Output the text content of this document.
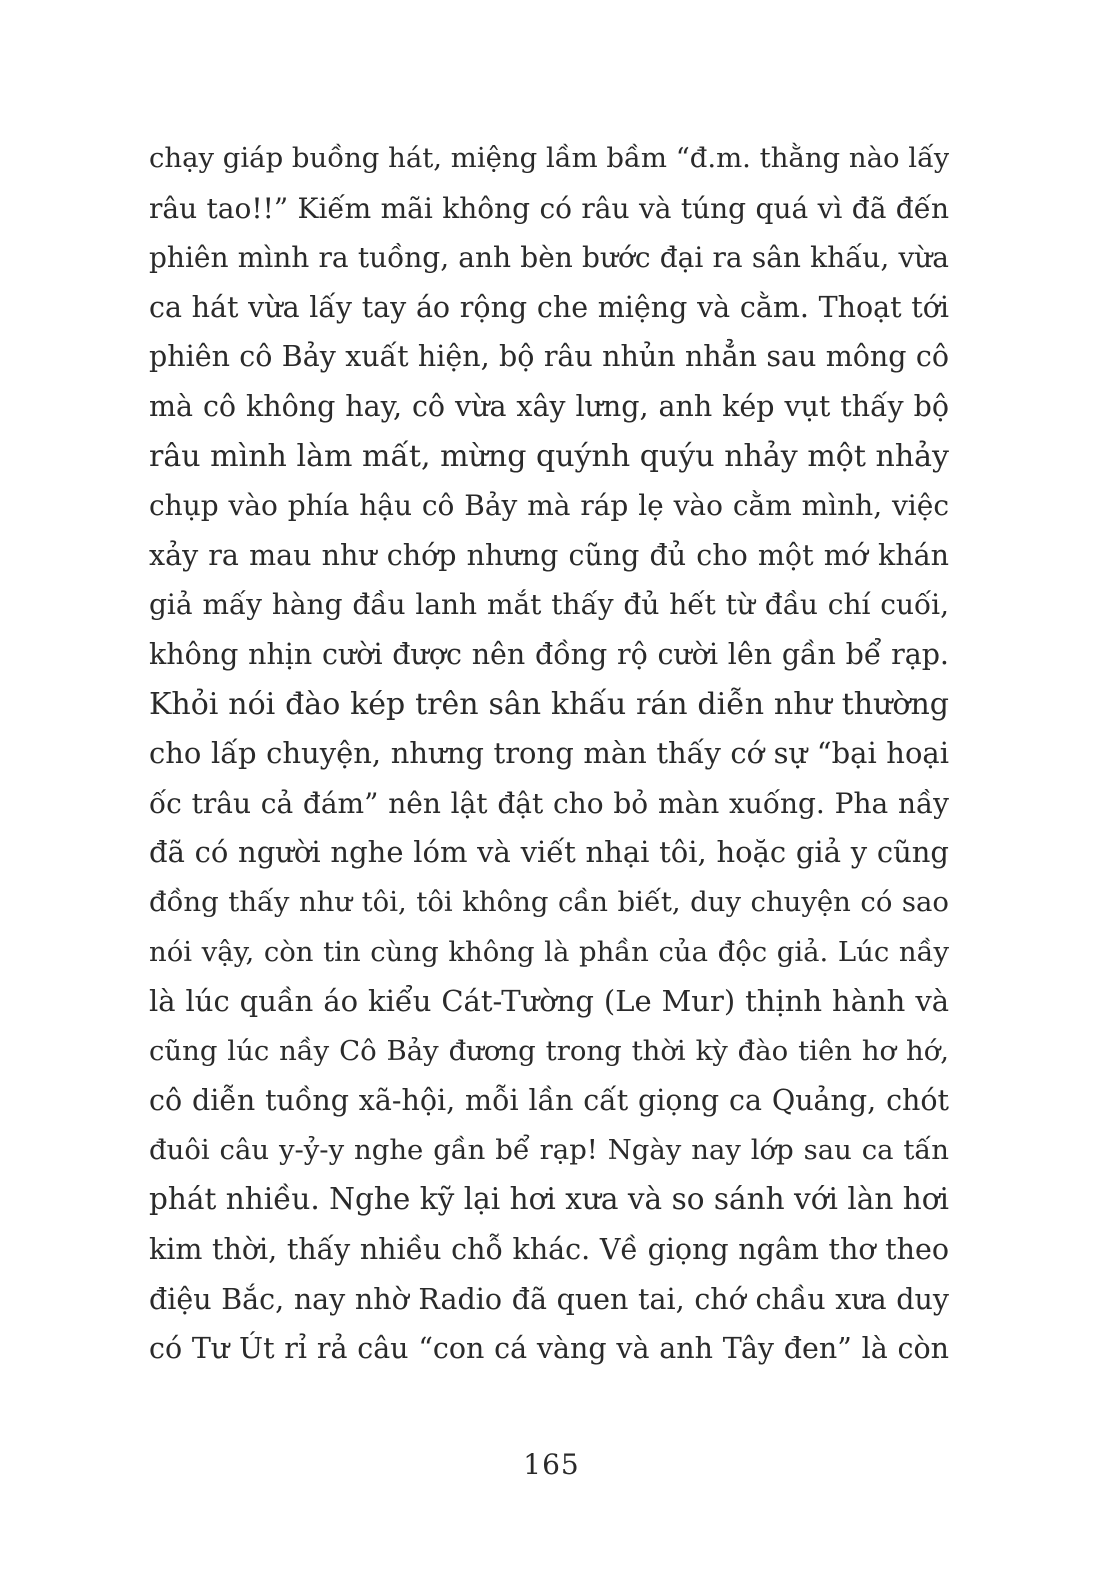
chạy giáp buồng hát, miệng lầm bầm “đ.m. thằng nào lấy
râu tao!!” Kiếm mãi không có râu và túng quá vì đã đến
phiên mình ra tuồng, anh bèn bước đại ra sân khấu, vừa
ca hát vừa lấy tay áo rộng che miệng và cằm. Thoạt tới
phiên cô Bảy xuất hiện, bộ râu nhủn nhẳn sau mông cô
mà cô không hay, cô vừa xây lưng, anh kép vụt thấy bộ
râu mình làm mất, mừng quýnh quýu nhảy một nhảy
chụp vào phía hậu cô Bảy mà ráp lẹ vào cằm mình, việc
xảy ra mau như chớp nhưng cũng đủ cho một mớ khán
giả mấy hàng đầu lanh mắt thấy đủ hết từ đầu chí cuối,
không nhịn cười được nên đồng rộ cười lên gần bể rạp.
Khỏi nói đào kép trên sân khấu rán diễn như thường
cho lấp chuyện, nhưng trong màn thấy cớ sự “bại hoại
ốc trâu cả đám” nên lật đật cho bỏ màn xuống. Pha nầy
đã có người nghe lóm và viết nhại tôi, hoặc giả y cũng
đồng thấy như tôi, tôi không cần biết, duy chuyện có sao
nói vậy, còn tin cùng không là phần của độc giả. Lúc nầy
là lúc quần áo kiểu Cát-Tường (Le Mur) thịnh hành và
cũng lúc nầy Cô Bảy đương trong thời kỳ đào tiên hơ hớ,
cô diễn tuồng xã-hội, mỗi lần cất giọng ca Quảng, chót
đuôi câu y-ỷ-y nghe gần bể rạp! Ngày nay lớp sau ca tấn
phát nhiều. Nghe kỹ lại hơi xưa và so sánh với làn hơi
kim thời, thấy nhiều chỗ khác. Về giọng ngâm thơ theo
điệu Bắc, nay nhờ Radio đã quen tai, chớ chầu xưa duy
có Tư Út rỉ rả câu “con cá vàng và anh Tây đen” là còn
165
